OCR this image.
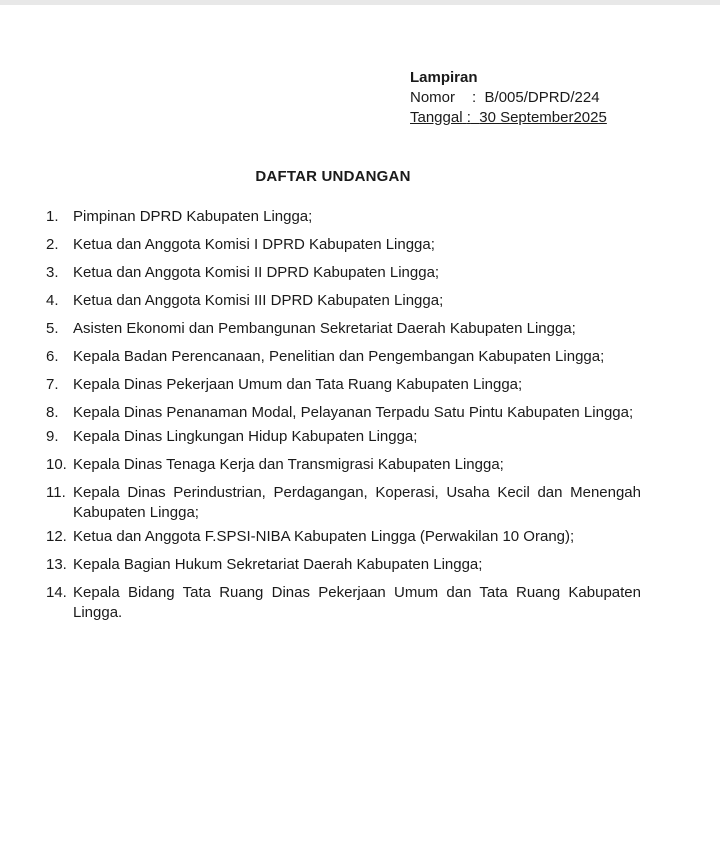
Lampiran
Nomor : B/005/DPRD/224
Tanggal : 30 September2025
DAFTAR UNDANGAN
1. Pimpinan DPRD Kabupaten Lingga;
2. Ketua dan Anggota Komisi I DPRD Kabupaten Lingga;
3. Ketua dan Anggota Komisi II DPRD Kabupaten Lingga;
4. Ketua dan Anggota Komisi III DPRD Kabupaten Lingga;
5. Asisten Ekonomi dan Pembangunan Sekretariat Daerah Kabupaten Lingga;
6. Kepala Badan Perencanaan, Penelitian dan Pengembangan Kabupaten Lingga;
7. Kepala Dinas Pekerjaan Umum dan Tata Ruang Kabupaten Lingga;
8. Kepala Dinas Penanaman Modal, Pelayanan Terpadu Satu Pintu Kabupaten Lingga;
9. Kepala Dinas Lingkungan Hidup Kabupaten Lingga;
10. Kepala Dinas Tenaga Kerja dan Transmigrasi Kabupaten Lingga;
11. Kepala Dinas Perindustrian, Perdagangan, Koperasi, Usaha Kecil dan Menengah Kabupaten Lingga;
12. Ketua dan Anggota F.SPSI-NIBA Kabupaten Lingga (Perwakilan 10 Orang);
13. Kepala Bagian Hukum Sekretariat Daerah Kabupaten Lingga;
14. Kepala Bidang Tata Ruang Dinas Pekerjaan Umum dan Tata Ruang Kabupaten Lingga.
